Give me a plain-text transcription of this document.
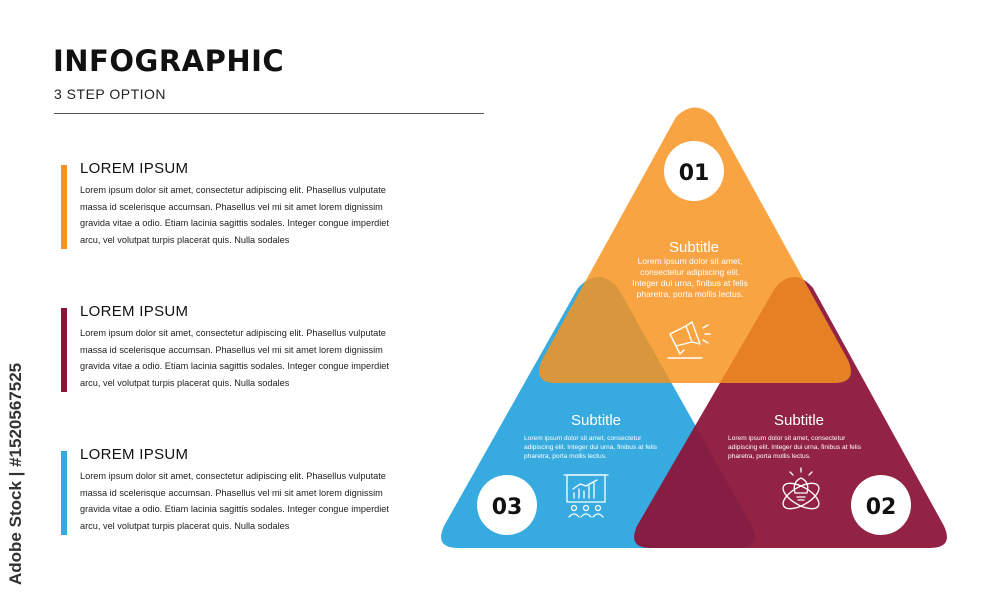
INFOGRAPHIC
3 STEP OPTION
LOREM IPSUM
Lorem ipsum dolor sit amet, consectetur adipiscing elit. Phasellus vulputate massa id scelerisque accumsan. Phasellus vel mi sit amet lorem dignissim gravida vitae a odio. Etiam lacinia sagittis sodales. Integer congue imperdiet arcu, vel volutpat turpis placerat quis. Nulla sodales
LOREM IPSUM
Lorem ipsum dolor sit amet, consectetur adipiscing elit. Phasellus vulputate massa id scelerisque accumsan. Phasellus vel mi sit amet lorem dignissim gravida vitae a odio. Etiam lacinia sagittis sodales. Integer congue imperdiet arcu, vel volutpat turpis placerat quis. Nulla sodales
LOREM IPSUM
Lorem ipsum dolor sit amet, consectetur adipiscing elit. Phasellus vulputate massa id scelerisque accumsan. Phasellus vel mi sit amet lorem dignissim gravida vitae a odio. Etiam lacinia sagittis sodales. Integer congue imperdiet arcu, vel volutpat turpis placerat quis. Nulla sodales
01
03	02
Subtitle
Lorem ipsum dolor sit amet,
consectetur adipiscing elit.
Integer dui urna, finibus at felis
pharetra, porta mollis lectus.
Subtitle
Lorem ipsum dolor sit amet, consectetur
adipiscing elit. Integer dui urna, finibus at felis
pharetra, porta mollis lectus.
Subtitle
Lorem ipsum dolor sit amet, consectetur
adipiscing elit. Integer dui urna, finibus at felis
pharetra, porta mollis lectus.
Adobe Stock | #1520567525
